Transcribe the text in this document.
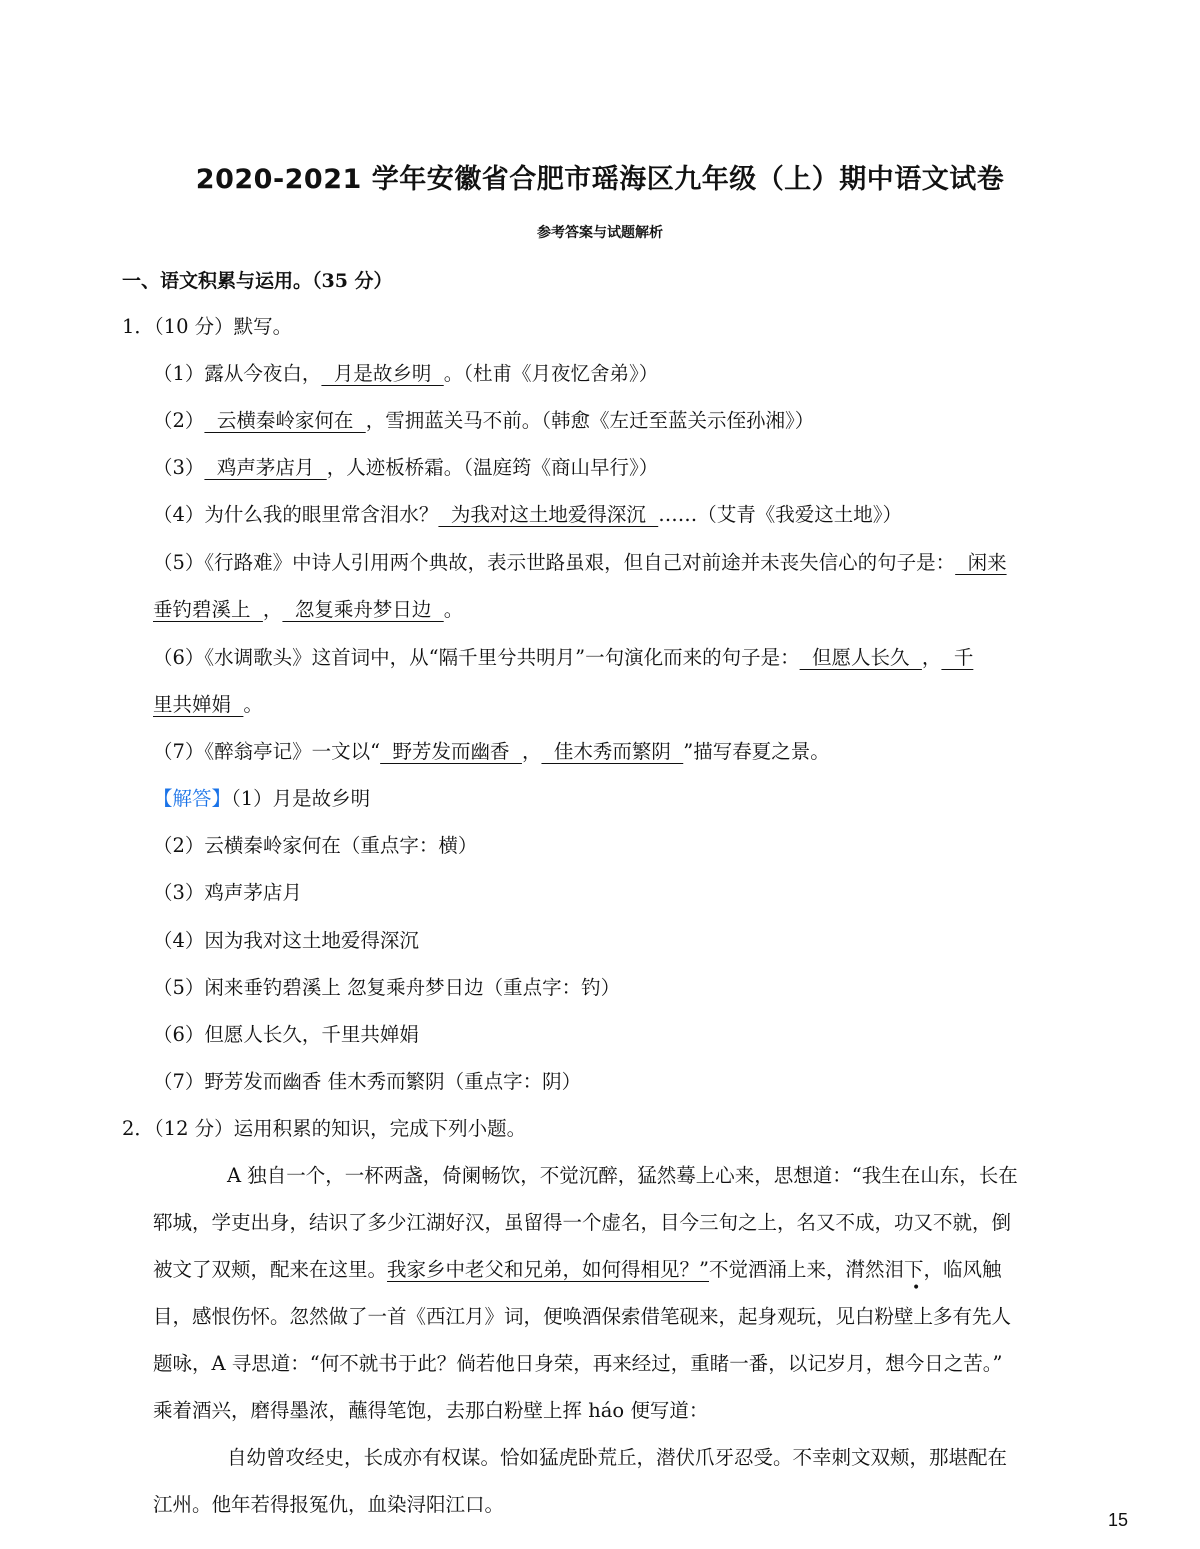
2020-2021 学年安徽省合肥市瑶海区九年级（上）期中语文试卷
参考答案与试题解析
一、语文积累与运用。（35 分）
1．（10 分）默写。
（1）露从今夜白，  月是故乡明  。（杜甫《月夜忆舍弟》）
（2）  云横秦岭家何在  ，雪拥蓝关马不前。（韩愈《左迁至蓝关示侄孙湘》）
（3）  鸡声茅店月  ，人迹板桥霜。（温庭筠《商山早行》）
（4）为什么我的眼里常含泪水？  为我对这土地爱得深沉  ……（艾青《我爱这土地》）
（5）《行路难》中诗人引用两个典故，表示世路虽艰，但自己对前途并未丧失信心的句子是：  闲来
垂钓碧溪上  ，  忽复乘舟梦日边  。
（6）《水调歌头》这首词中，从“隔千里兮共明月”一句演化而来的句子是：  但愿人长久  ，  千
里共婵娟  。
（7）《醉翁亭记》一文以“  野芳发而幽香  ，  佳木秀而繁阴  ”描写春夏之景。
【解答】（1）月是故乡明
（2）云横秦岭家何在（重点字：横）
（3）鸡声茅店月
（4）因为我对这土地爱得深沉
（5）闲来垂钓碧溪上 忽复乘舟梦日边（重点字：钓）
（6）但愿人长久，千里共婵娟
（7）野芳发而幽香 佳木秀而繁阴（重点字：阴）
2．（12 分）运用积累的知识，完成下列小题。
A 独自一个，一杯两盏，倚阑畅饮，不觉沉醉，猛然蓦上心来，思想道：“我生在山东，长在
郓城，学吏出身，结识了多少江湖好汉，虽留得一个虚名，目今三旬之上，名又不成，功又不就，倒
被文了双颊，配来在这里。我家乡中老父和兄弟，如何得相见？”不觉酒涌上来，潸然泪下，临风触
•
目，感恨伤怀。忽然做了一首《西江月》词，便唤酒保索借笔砚来，起身观玩，见白粉壁上多有先人
题咏，A 寻思道：“何不就书于此？倘若他日身荣，再来经过，重睹一番，以记岁月，想今日之苦。”
乘着酒兴，磨得墨浓，蘸得笔饱，去那白粉壁上挥 háo 便写道：
自幼曾攻经史，长成亦有权谋。恰如猛虎卧荒丘，潜伏爪牙忍受。不幸刺文双颊，那堪配在
江州。他年若得报冤仇，血染浔阳江口。
15
